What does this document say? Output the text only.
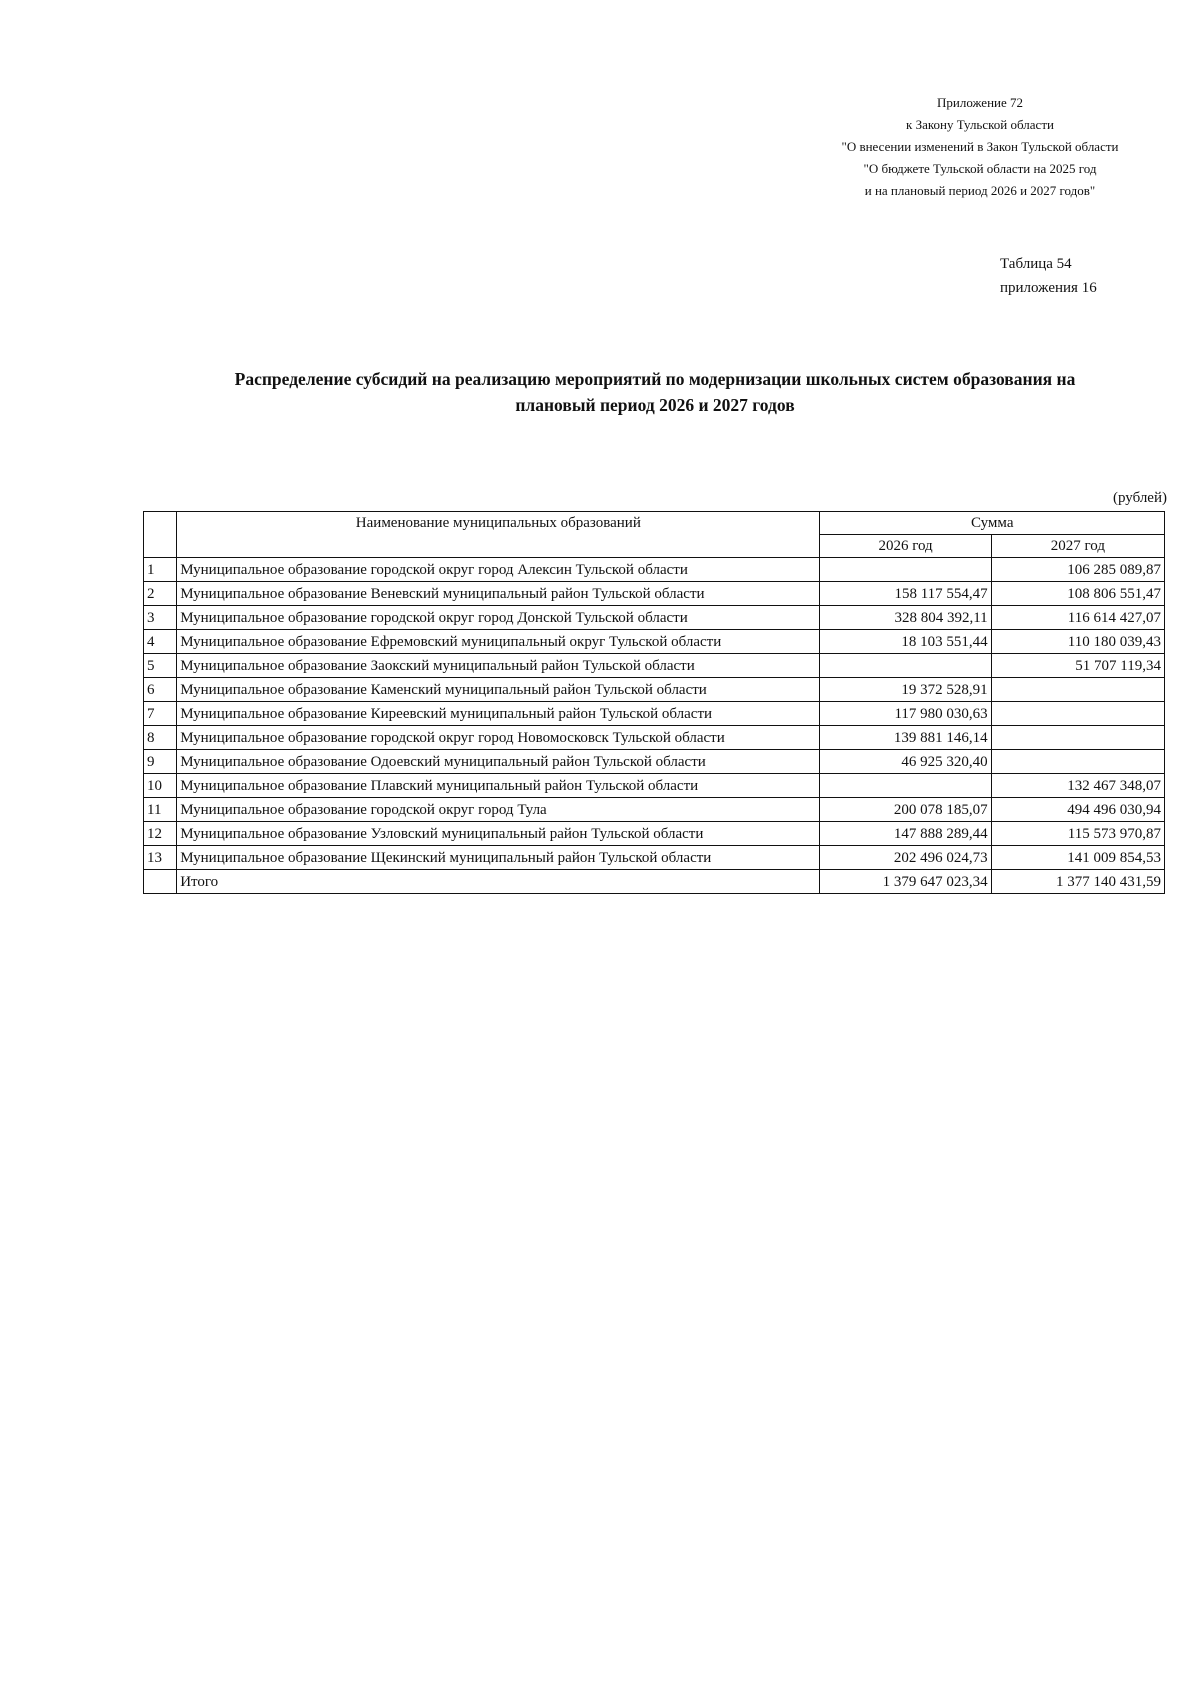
Приложение 72
к Закону Тульской области
"О внесении изменений в Закон Тульской области
"О бюджете Тульской области на 2025 год
и на плановый период 2026 и 2027 годов"
Таблица 54
приложения 16
Распределение субсидий на реализацию мероприятий по модернизации школьных систем образования на
плановый период 2026 и 2027 годов
(рублей)
	Наименование муниципальных образований	Сумма	
		2026 год	2027 год
1	Муниципальное образование городской округ город Алексин Тульской области		106 285 089,87
2	Муниципальное образование Веневский муниципальный район Тульской области	158 117 554,47	108 806 551,47
3	Муниципальное образование городской округ город Донской Тульской области	328 804 392,11	116 614 427,07
4	Муниципальное образование Ефремовский муниципальный округ Тульской области	18 103 551,44	110 180 039,43
5	Муниципальное образование Заокский муниципальный район Тульской области		51 707 119,34
6	Муниципальное образование Каменский муниципальный район Тульской области	19 372 528,91	
7	Муниципальное образование Киреевский муниципальный район Тульской области	117 980 030,63	
8	Муниципальное образование городской округ город Новомосковск Тульской области	139 881 146,14	
9	Муниципальное образование Одоевский муниципальный район Тульской области	46 925 320,40	
10	Муниципальное образование Плавский муниципальный район Тульской области		132 467 348,07
11	Муниципальное образование городской округ город Тула	200 078 185,07	494 496 030,94
12	Муниципальное образование Узловский муниципальный район Тульской области	147 888 289,44	115 573 970,87
13	Муниципальное образование Щекинский муниципальный район Тульской области	202 496 024,73	141 009 854,53
	Итого	1 379 647 023,34	1 377 140 431,59
